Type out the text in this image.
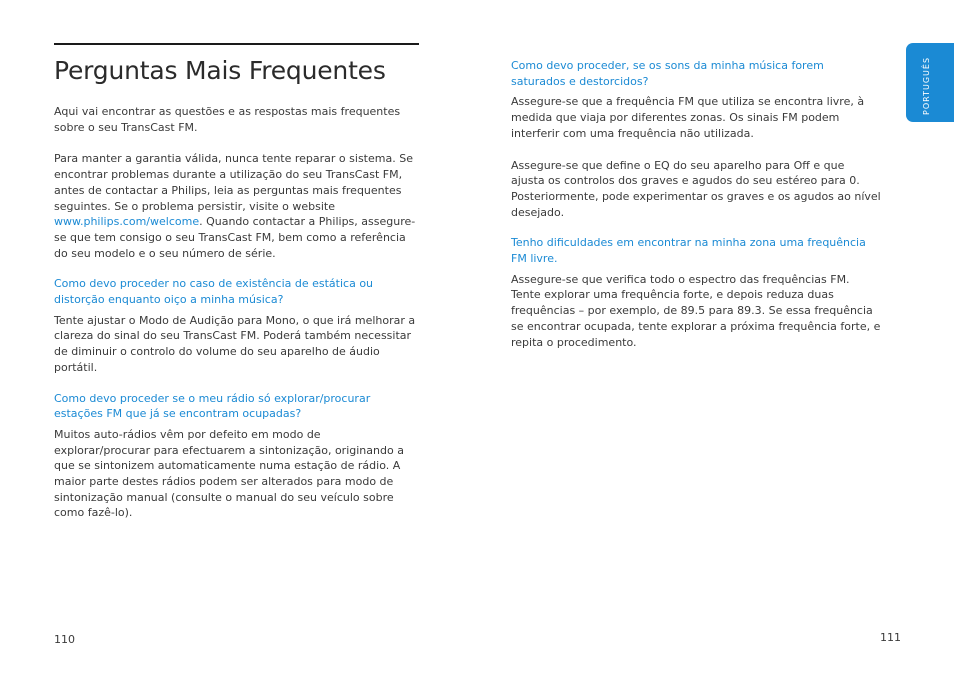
Perguntas Mais Frequentes

Aqui vai encontrar as questões e as respostas mais frequentes sobre o seu TransCast FM.

Para manter a garantia válida, nunca tente reparar o sistema. Se encontrar problemas durante a utilização do seu TransCast FM, antes de contactar a Philips, leia as perguntas mais frequentes seguintes. Se o problema persistir, visite o website www.philips.com/welcome. Quando contactar a Philips, assegure-se que tem consigo o seu TransCast FM, bem como a referência do seu modelo e o seu número de série.

Como devo proceder no caso de existência de estática ou distorção enquanto oiço a minha música?

Tente ajustar o Modo de Audição para Mono, o que irá melhorar a clareza do sinal do seu TransCast FM. Poderá também necessitar de diminuir o controlo do volume do seu aparelho de áudio portátil.

Como devo proceder se o meu rádio só explorar/procurar estações FM que já se encontram ocupadas?

Muitos auto-rádios vêm por defeito em modo de explorar/procurar para efectuarem a sintonização, originando a que se sintonizem automaticamente numa estação de rádio. A maior parte destes rádios podem ser alterados para modo de sintonização manual (consulte o manual do seu veículo sobre como fazê-lo).

Como devo proceder, se os sons da minha música forem saturados e destorcidos?

Assegure-se que a frequência FM que utiliza se encontra livre, à medida que viaja por diferentes zonas. Os sinais FM podem interferir com uma frequência não utilizada.

Assegure-se que define o EQ do seu aparelho para Off e que ajusta os controlos dos graves e agudos do seu estéreo para 0. Posteriormente, pode experimentar os graves e os agudos ao nível desejado.

Tenho dificuldades em encontrar na minha zona uma frequência FM livre.

Assegure-se que verifica todo o espectro das frequências FM. Tente explorar uma frequência forte, e depois reduza duas frequências – por exemplo, de 89.5 para 89.3. Se essa frequência se encontrar ocupada, tente explorar a próxima frequência forte, e repita o procedimento.

PORTUGUÊS
110	111
